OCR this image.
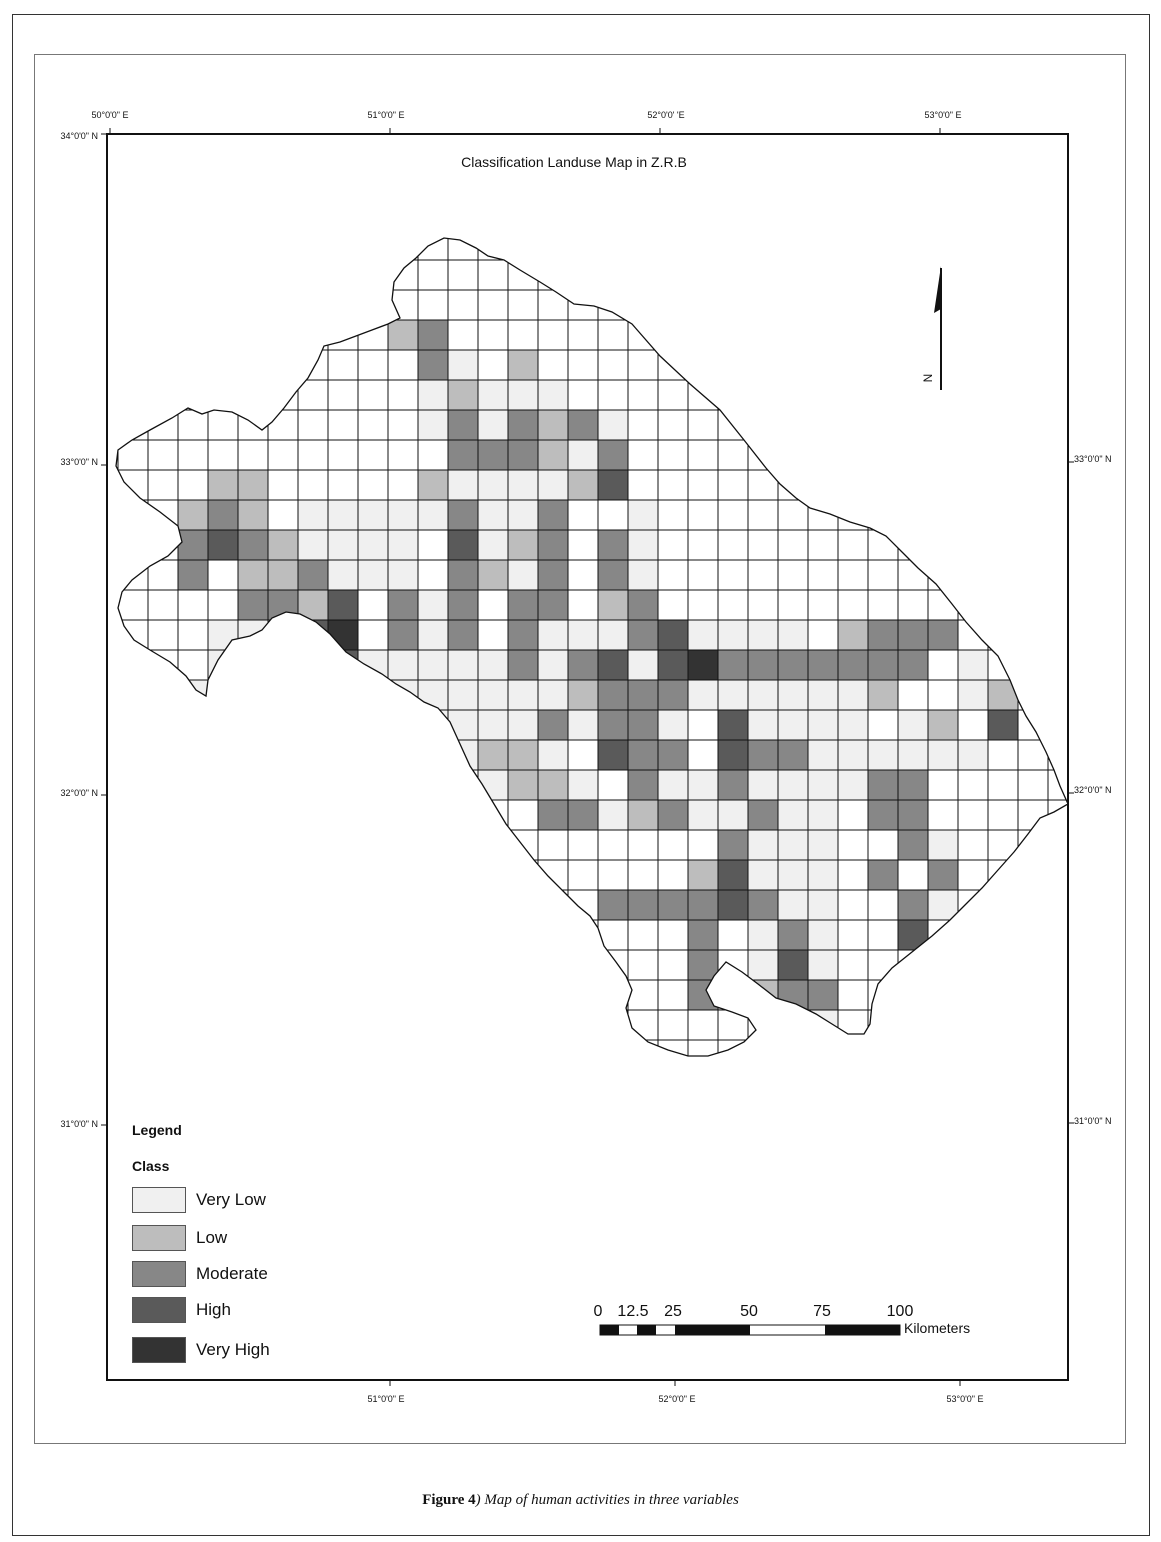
50°0'0" E	51°0'0" E	52°0'0' 'E	53°0'0" E
51°0'0" E	52°0'0" E	53°0'0" E
34°0'0" N
33°0'0" N
32°0'0" N
31°0'0" N
33°0'0" N
32°0'0" N
31°0'0" N
Classification Landuse Map in Z.R.B
N
0 12.5 25	50	75	100
Kilometers
Legend
Class
Very Low
Low
Moderate
High
Very High
Figure 4) Map of human activities in three variables
